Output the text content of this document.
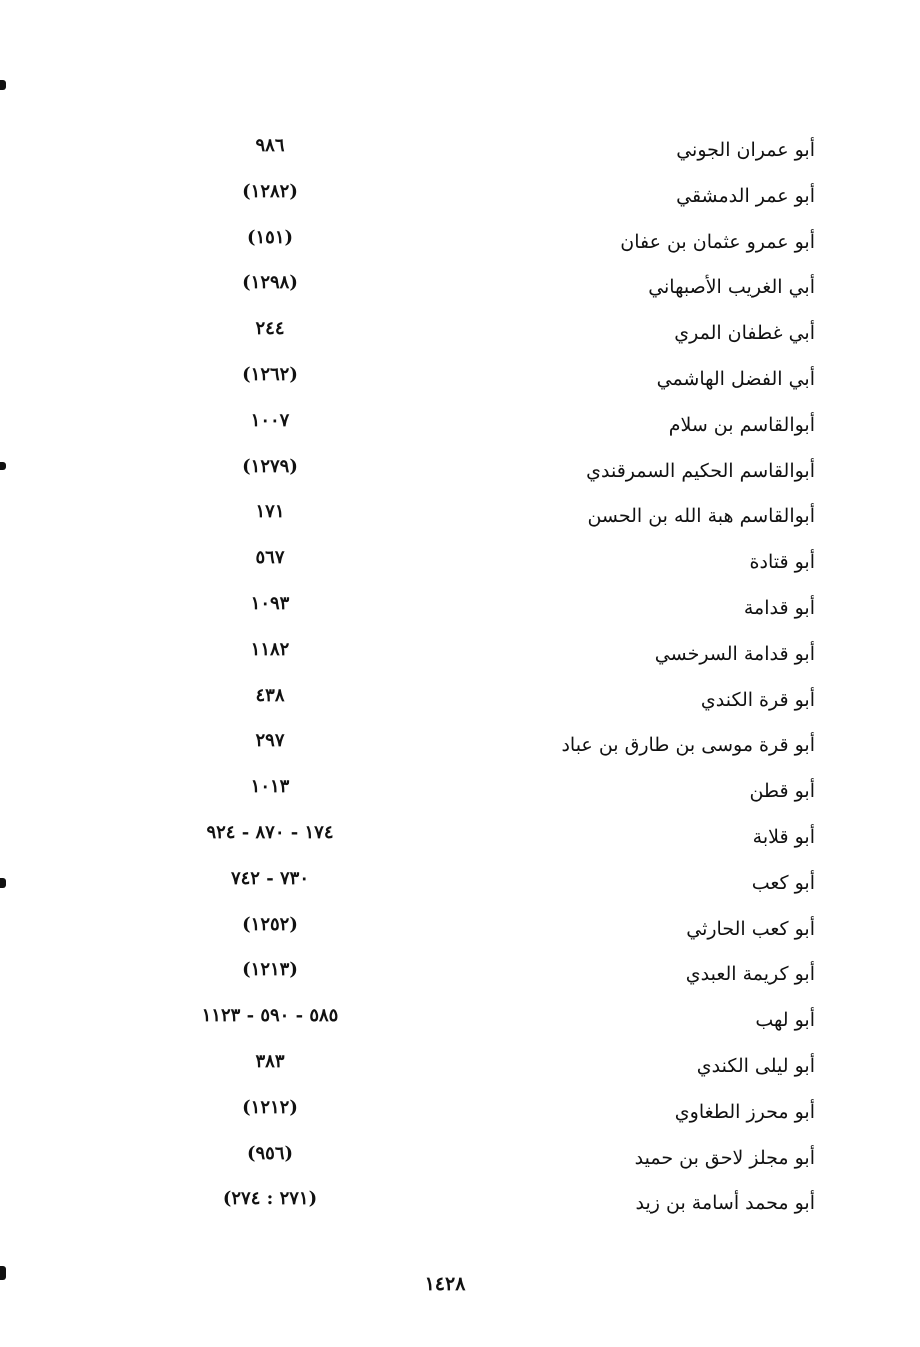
أبو عمران الجوني
٩٨٦
أبو عمر الدمشقي
(١٢٨٢)
أبو عمرو عثمان بن عفان
(١٥١)
أبي الغريب الأصبهاني
(١٢٩٨)
أبي غطفان المري
٢٤٤
أبي الفضل الهاشمي
(١٢٦٢)
أبوالقاسم بن سلام
١٠٠٧
أبوالقاسم الحكيم السمرقندي
(١٢٧٩)
أبوالقاسم هبة الله بن الحسن
١٧١
أبو قتادة
٥٦٧
أبو قدامة
١٠٩٣
أبو قدامة السرخسي
١١٨٢
أبو قرة الكندي
٤٣٨
أبو قرة موسى بن طارق بن عباد
٢٩٧
أبو قطن
١٠١٣
أبو قلابة
١٧٤ - ٨٧٠ - ٩٢٤
أبو كعب
٧٣٠ - ٧٤٢
أبو كعب الحارثي
(١٢٥٢)
أبو كريمة العبدي
(١٢١٣)
أبو لهب
٥٨٥ - ٥٩٠ - ١١٢٣
أبو ليلى الكندي
٣٨٣
أبو محرز الطغاوي
(١٢١٢)
أبو مجلز لاحق بن حميد
(٩٥٦)
أبو محمد أسامة بن زيد
(٢٧١ : ٢٧٤)
١٤٢٨
